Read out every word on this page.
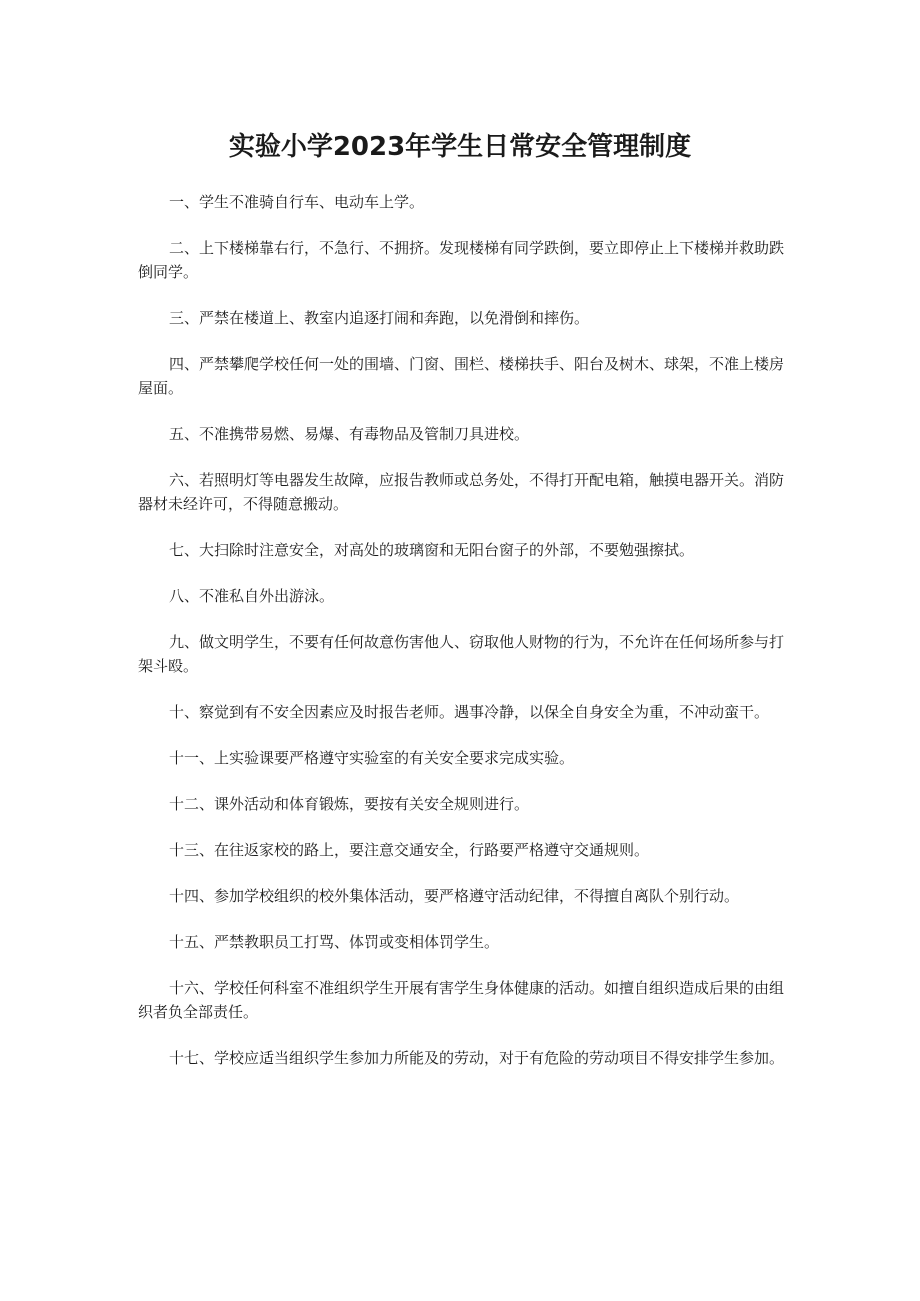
实验小学2023年学生日常安全管理制度
一、学生不准骑自行车、电动车上学。
二、上下楼梯靠右行，不急行、不拥挤。发现楼梯有同学跌倒，要立即停止上下楼梯并救助跌倒同学。
三、严禁在楼道上、教室内追逐打闹和奔跑，以免滑倒和摔伤。
四、严禁攀爬学校任何一处的围墙、门窗、围栏、楼梯扶手、阳台及树木、球架，不准上楼房屋面。
五、不准携带易燃、易爆、有毒物品及管制刀具进校。
六、若照明灯等电器发生故障，应报告教师或总务处，不得打开配电箱，触摸电器开关。消防器材未经许可，不得随意搬动。
七、大扫除时注意安全，对高处的玻璃窗和无阳台窗子的外部，不要勉强擦拭。
八、不准私自外出游泳。
九、做文明学生，不要有任何故意伤害他人、窃取他人财物的行为，不允许在任何场所参与打架斗殴。
十、察觉到有不安全因素应及时报告老师。遇事冷静，以保全自身安全为重，不冲动蛮干。
十一、上实验课要严格遵守实验室的有关安全要求完成实验。
十二、课外活动和体育锻炼，要按有关安全规则进行。
十三、在往返家校的路上，要注意交通安全，行路要严格遵守交通规则。
十四、参加学校组织的校外集体活动，要严格遵守活动纪律，不得擅自离队个别行动。
十五、严禁教职员工打骂、体罚或变相体罚学生。
十六、学校任何科室不准组织学生开展有害学生身体健康的活动。如擅自组织造成后果的由组织者负全部责任。
十七、学校应适当组织学生参加力所能及的劳动，对于有危险的劳动项目不得安排学生参加。
